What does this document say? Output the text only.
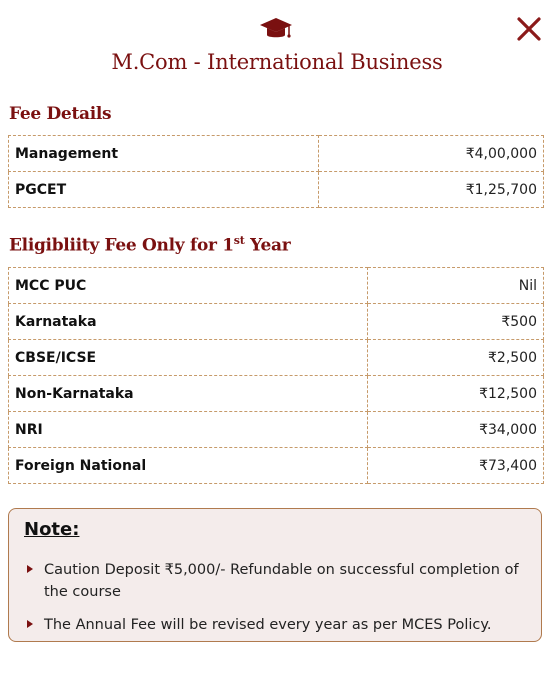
M.Com - International Business
Fee Details
Management	₹4,00,000
PGCET	₹1,25,700
Eligibliity Fee Only for 1st Year
MCC PUC	Nil
Karnataka	₹500
CBSE/ICSE	₹2,500
Non-Karnataka	₹12,500
NRI	₹34,000
Foreign National	₹73,400
Note:
Caution Deposit ₹5,000/- Refundable on successful completion of the course
The Annual Fee will be revised every year as per MCES Policy.
